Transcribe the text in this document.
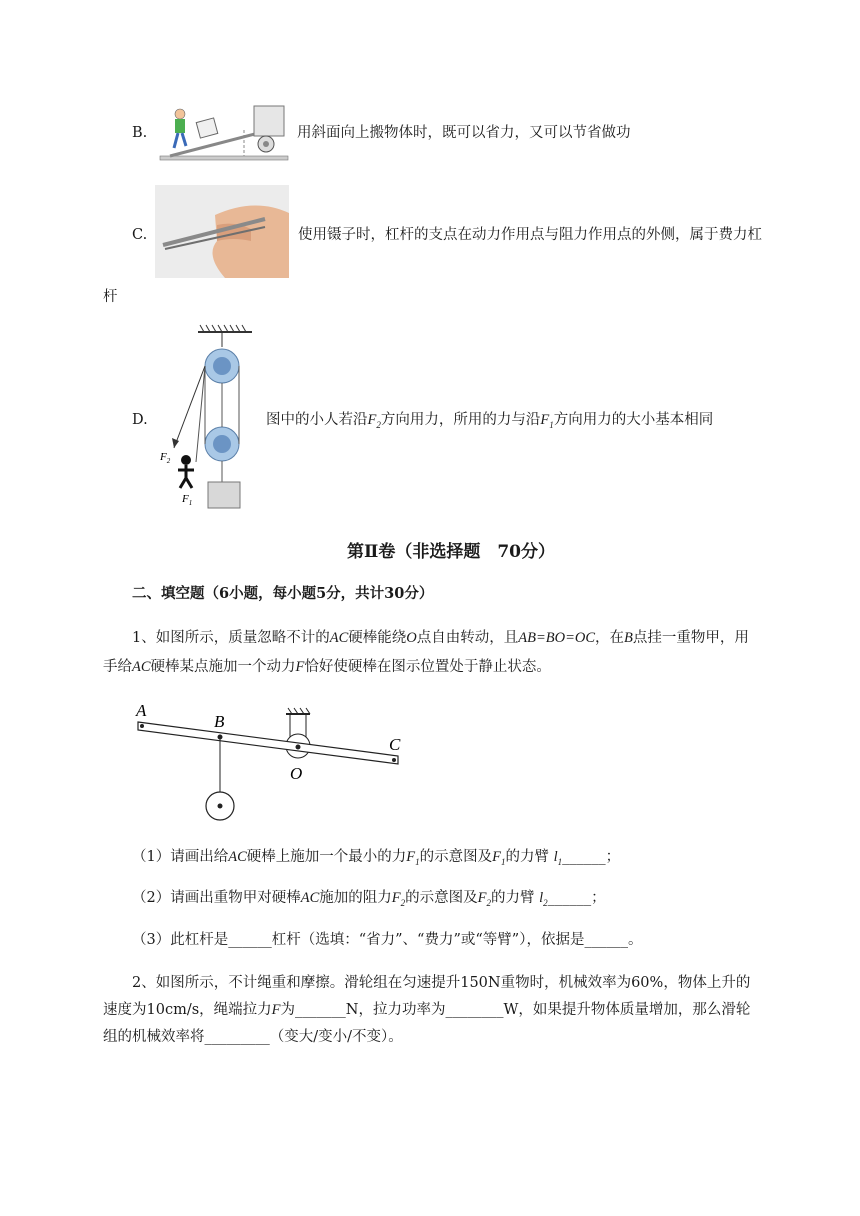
B.	用斜面向上搬物体时，既可以省力，又可以节省做功
C.	使用镊子时，杠杆的支点在动力作用点与阻力作用点的外侧，属于费力杠
杆
D.
$F_2$
$F_1$
图中的小人若沿$F_2$方向用力，所用的力与沿$F_1$方向用力的大小基本相同
第Ⅱ卷（非选择题　70分）
二、填空题（6小题，每小题5分，共计30分）
1、如图所示，质量忽略不计的AC硬棒能绕O点自由转动，且AB=BO=OC，在B点挂一重物甲，用
手给AC硬棒某点施加一个动力F恰好使硬棒在图示位置处于静止状态。
A
B
C
O
（1）请画出给AC硬棒上施加一个最小的力$F_1$的示意图及$F_1$的力臂 $l_1\_\_\_\_\_\_$；
（2）请画出重物甲对硬棒AC施加的阻力$F_2$的示意图及$F_2$的力臂 $l_2\_\_\_\_\_\_$；
（3）此杠杆是______杠杆（选填：“省力”、“费力”或“等臂”），依据是______。
2、如图所示，不计绳重和摩擦。滑轮组在匀速提升150N重物时，机械效率为60%，物体上升的
速度为10cm/s，绳端拉力F为_______N，拉力功率为________W，如果提升物体质量增加，那么滑轮
组的机械效率将_________（变大/变小/不变）。
